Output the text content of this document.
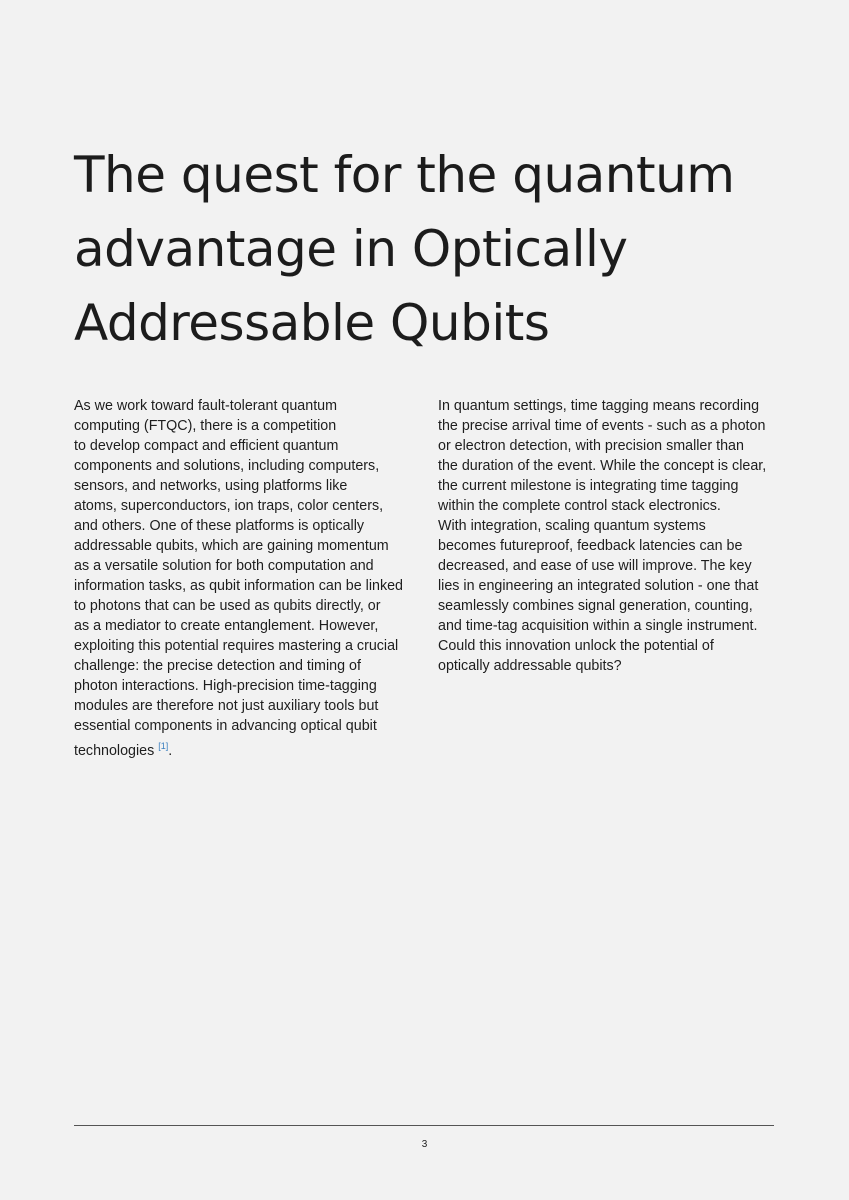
The quest for the quantum
advantage in Optically
Addressable Qubits
As we work toward fault-tolerant quantum
computing (FTQC), there is a competition
to develop compact and efficient quantum
components and solutions, including computers,
sensors, and networks, using platforms like
atoms, superconductors, ion traps, color centers,
and others. One of these platforms is optically
addressable qubits, which are gaining momentum
as a versatile solution for both computation and
information tasks, as qubit information can be linked
to photons that can be used as qubits directly, or
as a mediator to create entanglement. However,
exploiting this potential requires mastering a crucial
challenge: the precise detection and timing of
photon interactions. High-precision time-tagging
modules are therefore not just auxiliary tools but
essential components in advancing optical qubit
technologies [1].
In quantum settings, time tagging means recording
the precise arrival time of events - such as a photon
or electron detection, with precision smaller than
the duration of the event. While the concept is clear,
the current milestone is integrating time tagging
within the complete control stack electronics.
With integration, scaling quantum systems
becomes futureproof, feedback latencies can be
decreased, and ease of use will improve. The key
lies in engineering an integrated solution - one that
seamlessly combines signal generation, counting,
and time-tag acquisition within a single instrument.
Could this innovation unlock the potential of
optically addressable qubits?
3
